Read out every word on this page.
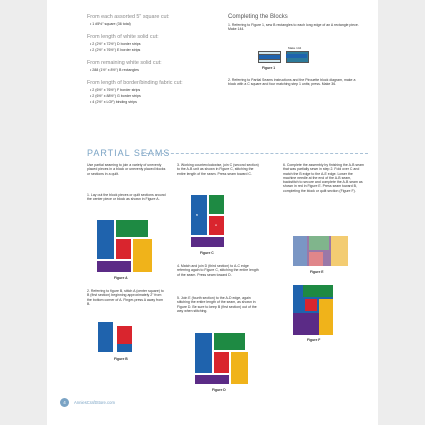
From each assorted 5" square cut:

• 1 #5½" square (36 total)

From length of white solid cut:

• 2 (2½" x 72½") D border strips

• 2 (2½" x 76½") E border strips

From remaining white solid cut:

• 288 (1½" x 8½") B rectangles

From length of border/binding fabric cut:

• 2 (6½" x 76½") F border strips

• 2 (6½" x 88½") G border strips

• 4 (2½" x LOF) binding strips

Completing the Blocks

1. Referring to Figure 1, sew B rectangles to each long edge of an A rectangle piece. Make 144.

Make 144

Figure 1

2. Referring to Partial Seams instructions and the Pirouette block diagram, make a block with a C square and four matching step 1 units; press. Make 36.

PARTIAL SEAMS

Use partial seaming to join a variety of unevenly placed pieces in a block or unevenly placed blocks or sections in a quilt.

1. Lay out the block pieces or quilt sections around the center piece or block as shown in Figure A.

Figure A

2. Referring to figure B, stitch A (center square) to B (first section) beginning approximately 2" from the bottom corner of A. Finger-press A away from B.

Figure B

3. Working counterclockwise, join C (second section) to the A-B unit as shown in Figure C, stitching the entire length of the seam. Press seam toward C.

B
A

Figure C

4. Match and join D (third section) to A-C edge referring again to Figure C, stitching the entire length of the seam. Press seam toward D.

5. Join E (fourth section) to the A-D edge, again stitching the entire length of the seam, as shown in Figure D. Be sure to keep B (first section) out of the way when stitching.

Figure D

6. Complete the assembly by finishing the A-B seam that was partially sewn in step 2. Fold over C and match the B edge to the A-E edge. Lower the machine needle at the end of the A-B seam, backstitch to secure and complete the A-B seam as shown in red in Figure E. Press seam toward B, completing the block or quilt section (Figure F).

Figure E

Figure F

4	AnniesCraftStore.com
